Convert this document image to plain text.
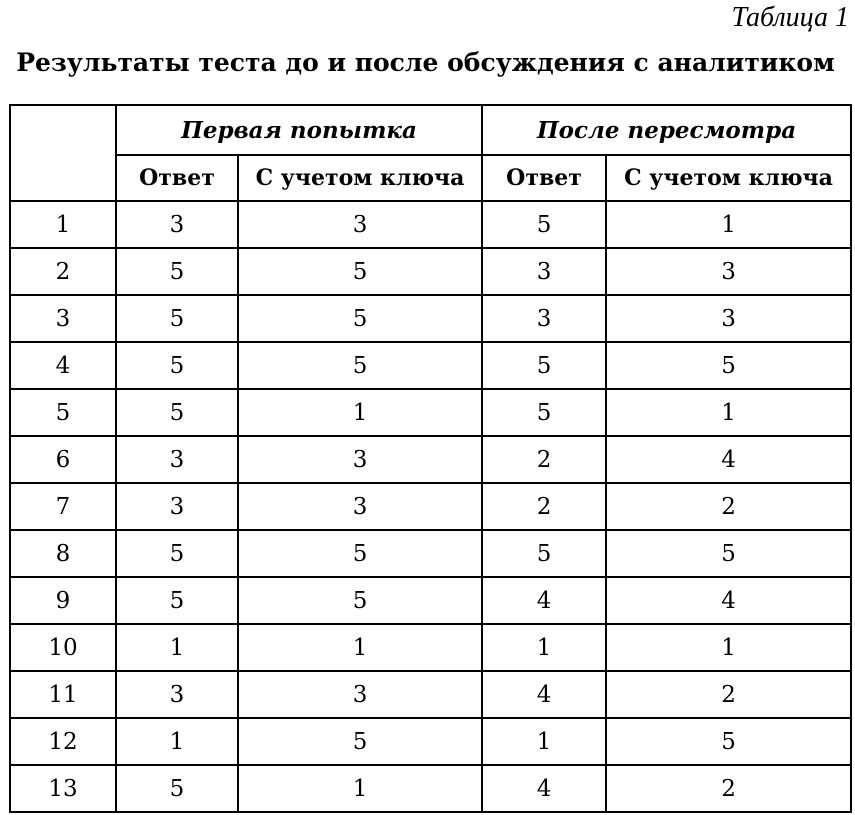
Таблица 1
Результаты теста до и после обсуждения с аналитиком
	Первая попытка		После пересмотра	
	Ответ	С учетом ключа	Ответ	С учетом ключа
1	3	3	5	1
2	5	5	3	3
3	5	5	3	3
4	5	5	5	5
5	5	1	5	1
6	3	3	2	4
7	3	3	2	2
8	5	5	5	5
9	5	5	4	4
10	1	1	1	1
11	3	3	4	2
12	1	5	1	5
13	5	1	4	2
